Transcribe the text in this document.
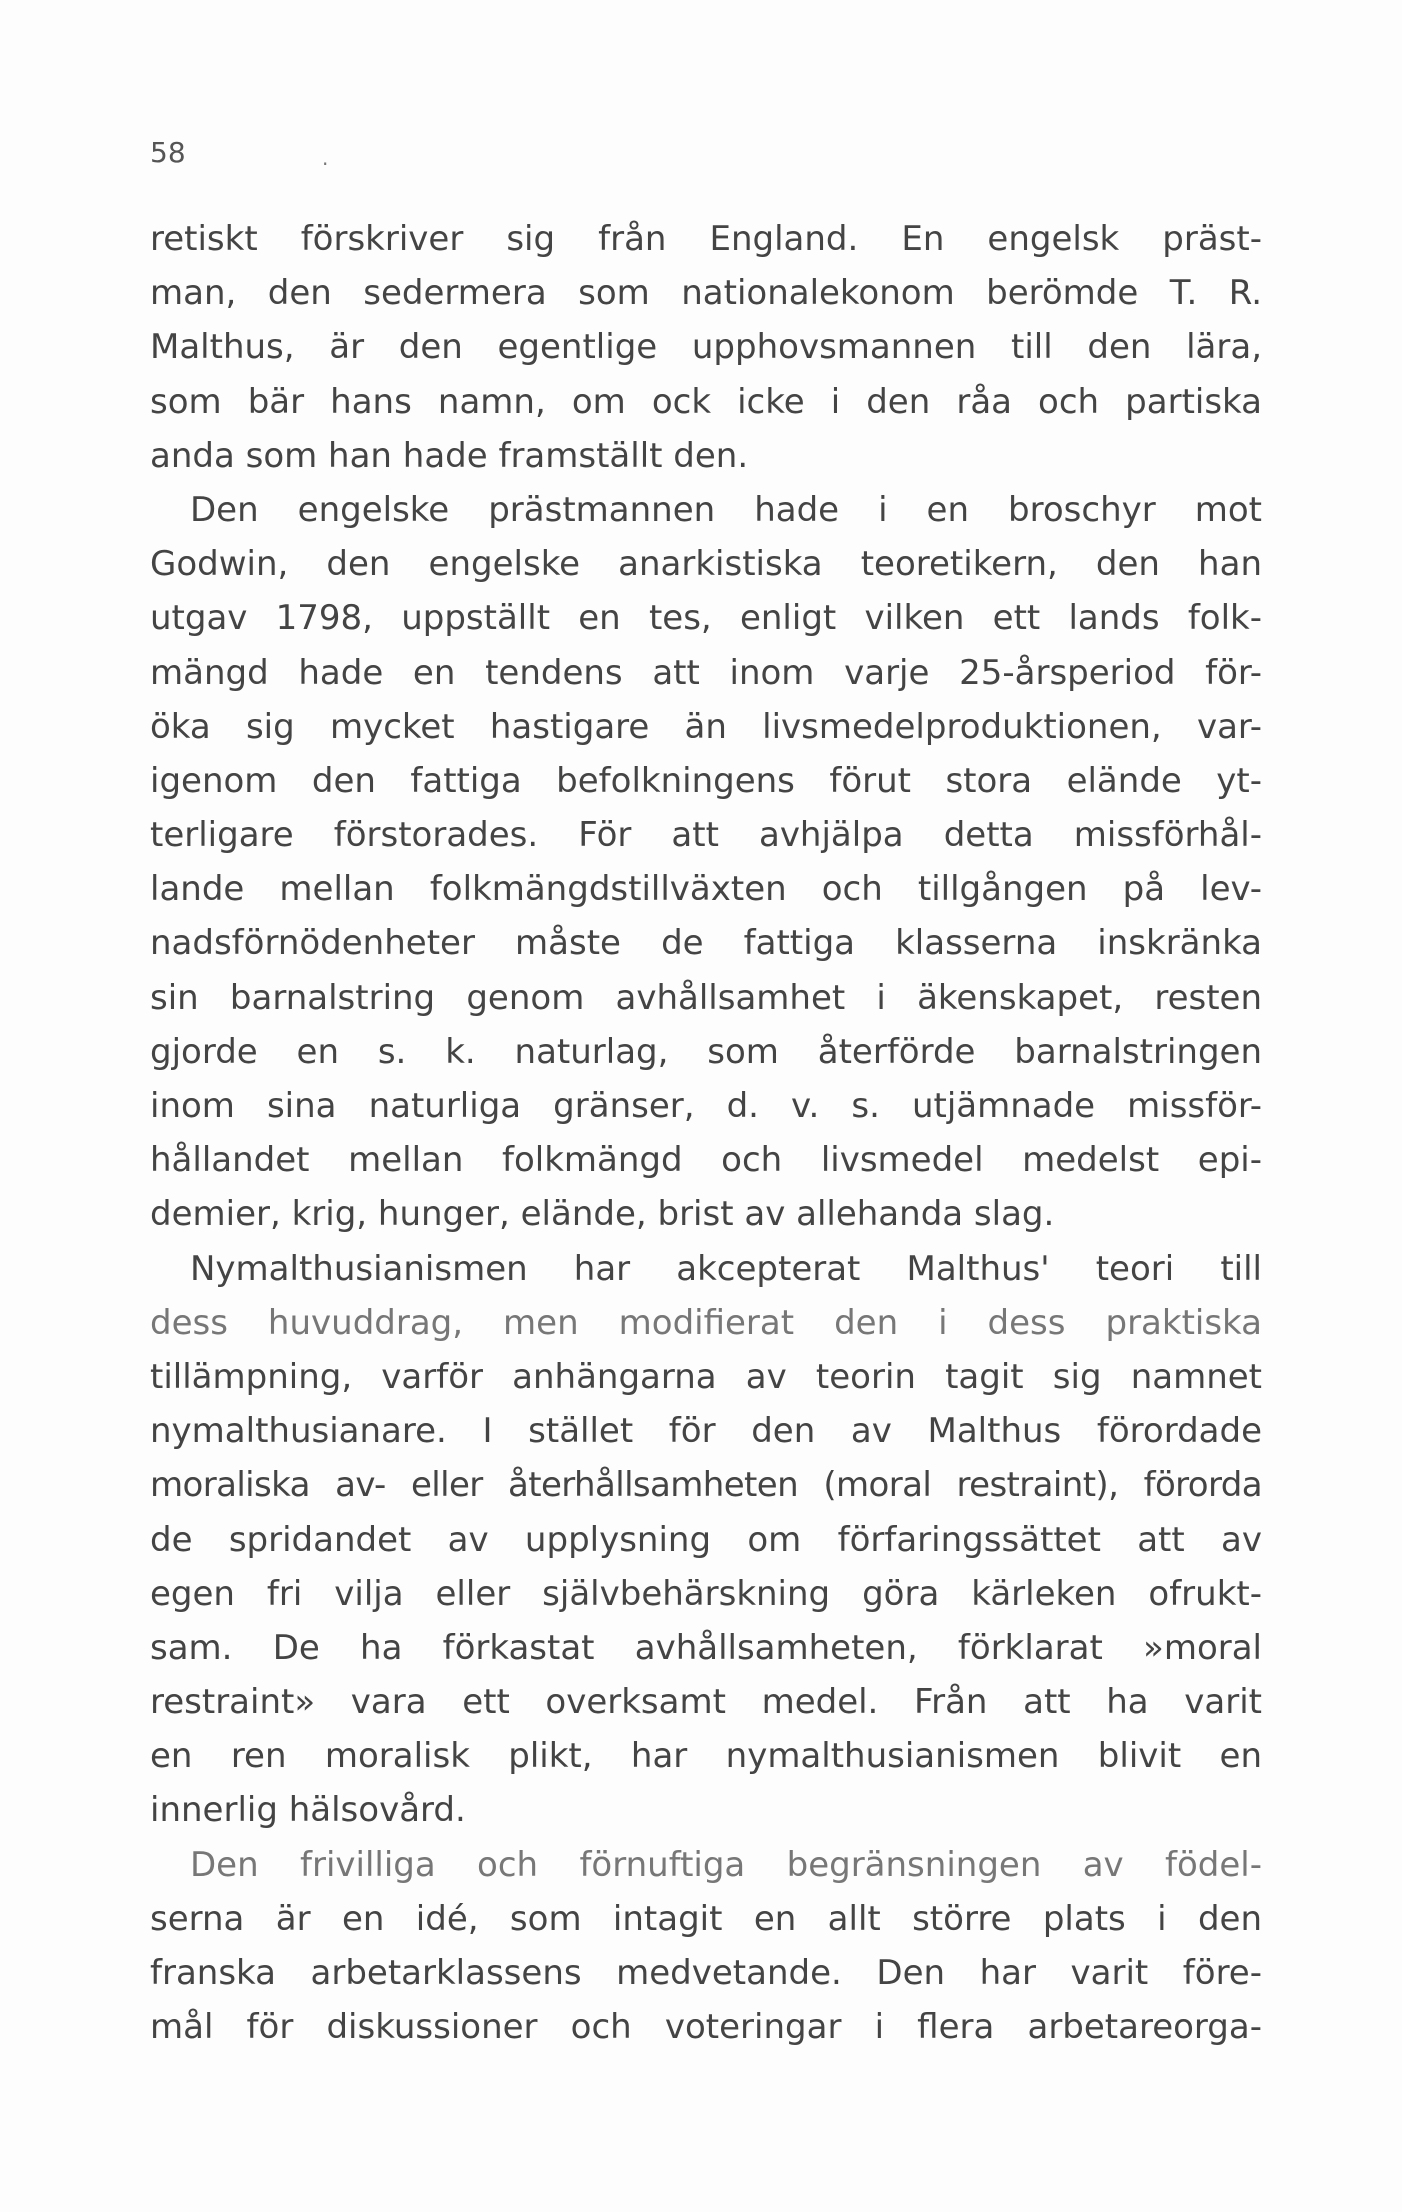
58	.
retiskt förskriver sig från England. En engelsk präst-
man, den sedermera som nationalekonom berömde T. R.
Malthus, är den egentlige upphovsmannen till den lära,
som bär hans namn, om ock icke i den råa och partiska
anda som han hade framställt den.
Den engelske prästmannen hade i en broschyr mot
Godwin, den engelske anarkistiska teoretikern, den han
utgav 1798, uppställt en tes, enligt vilken ett lands folk-
mängd hade en tendens att inom varje 25-årsperiod för-
öka sig mycket hastigare än livsmedelproduktionen, var-
igenom den fattiga befolkningens förut stora elände yt-
terligare förstorades. För att avhjälpa detta missförhål-
lande mellan folkmängdstillväxten och tillgången på lev-
nadsförnödenheter måste de fattiga klasserna inskränka
sin barnalstring genom avhållsamhet i äkenskapet, resten
gjorde en s. k. naturlag, som återförde barnalstringen
inom sina naturliga gränser, d. v. s. utjämnade missför-
hållandet mellan folkmängd och livsmedel medelst epi-
demier, krig, hunger, elände, brist av allehanda slag.
Nymalthusianismen har akcepterat Malthus' teori till
dess huvuddrag, men modifierat den i dess praktiska
tillämpning, varför anhängarna av teorin tagit sig namnet
nymalthusianare. I stället för den av Malthus förordade
moraliska av- eller återhållsamheten (moral restraint), förorda
de spridandet av upplysning om förfaringssättet att av
egen fri vilja eller självbehärskning göra kärleken ofrukt-
sam. De ha förkastat avhållsamheten, förklarat »moral
restraint» vara ett overksamt medel. Från att ha varit
en ren moralisk plikt, har nymalthusianismen blivit en
innerlig hälsovård.
Den frivilliga och förnuftiga begränsningen av födel-
serna är en idé, som intagit en allt större plats i den
franska arbetarklassens medvetande. Den har varit före-
mål för diskussioner och voteringar i flera arbetareorga-
